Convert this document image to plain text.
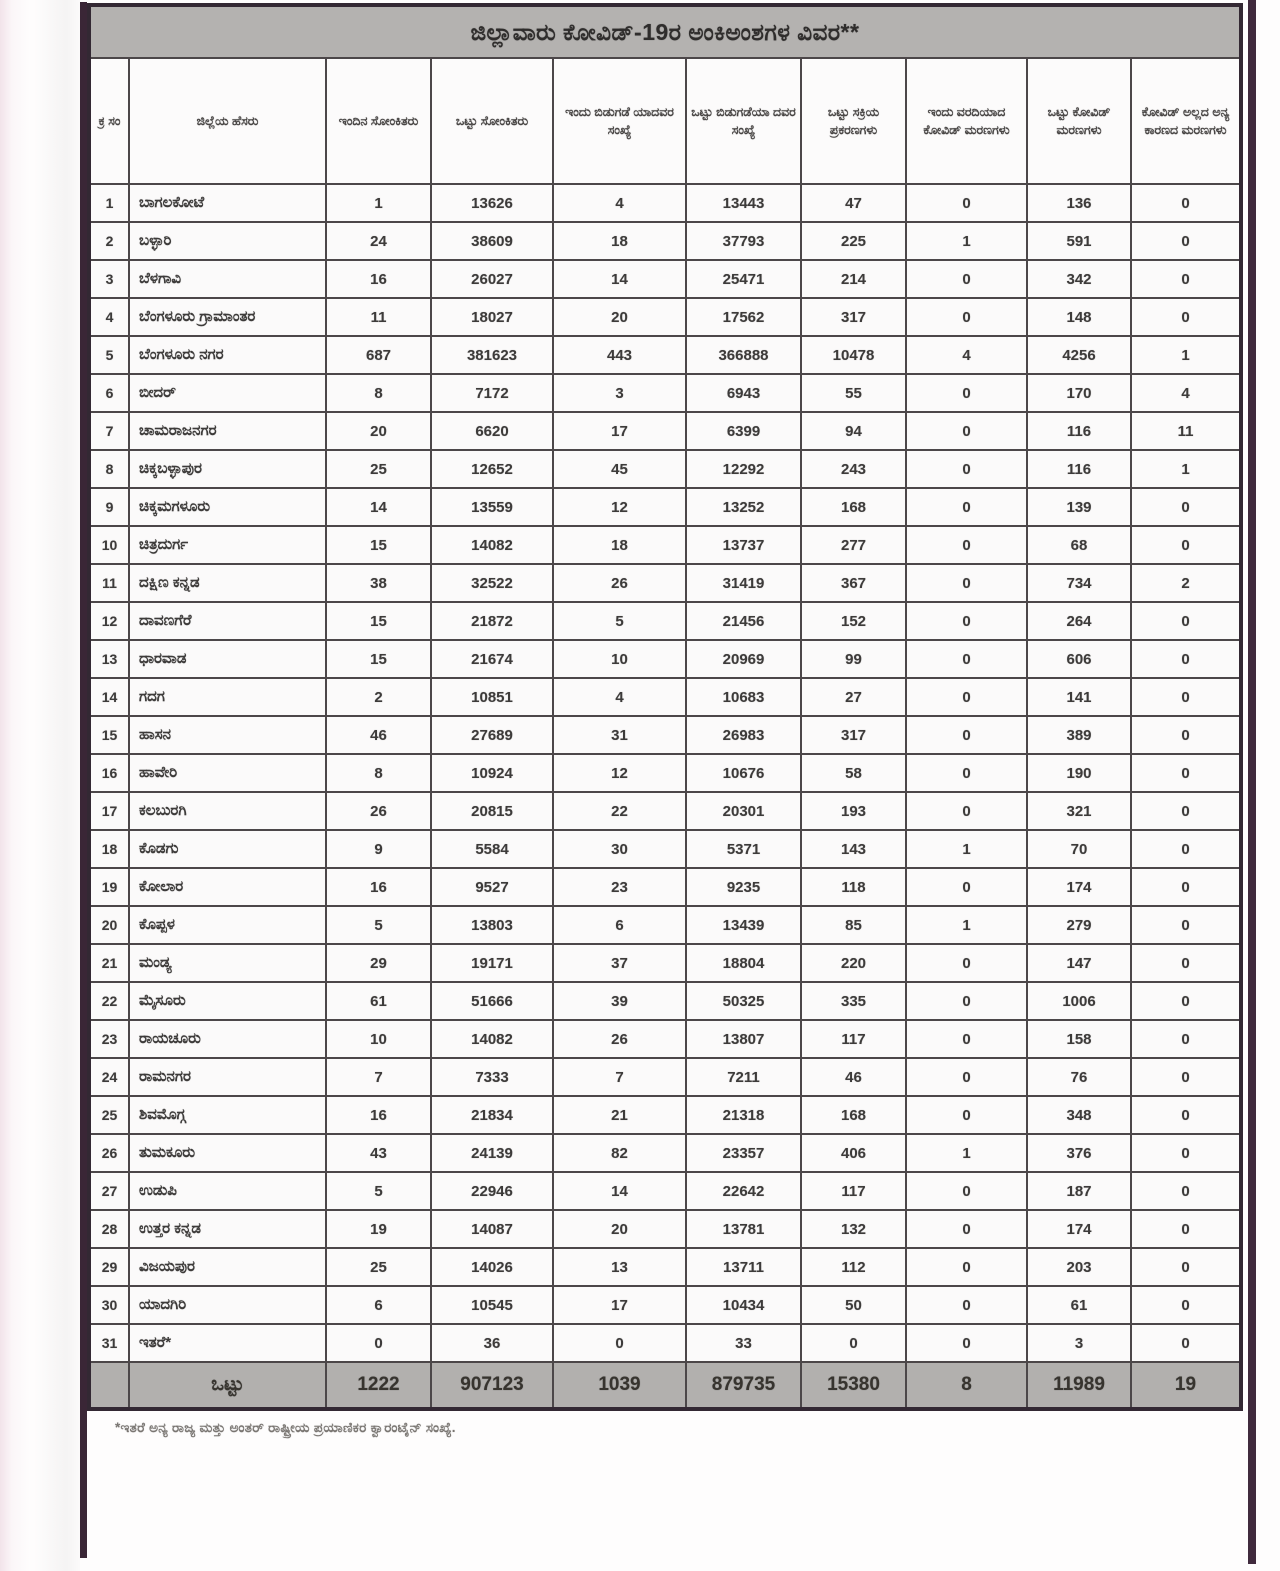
ಜಿಲ್ಲಾವಾರು ಕೋವಿಡ್-19ರ ಅಂಕಿಅಂಶಗಳ ವಿವರ**									
ಕ್ರ ಸಂ	ಜಿಲ್ಲೆಯ ಹೆಸರು	ಇಂದಿನ ಸೋಂಕಿತರು	ಒಟ್ಟು ಸೋಂಕಿತರು	ಇಂದು ಬಿಡುಗಡೆ ಯಾದವರ ಸಂಖ್ಯೆ	ಒಟ್ಟು ಬಿಡುಗಡೆಯಾ ದವರ ಸಂಖ್ಯೆ	ಒಟ್ಟು ಸಕ್ರಿಯ ಪ್ರಕರಣಗಳು	ಇಂದು ವರದಿಯಾದ ಕೋವಿಡ್ ಮರಣಗಳು	ಒಟ್ಟು ಕೋವಿಡ್ ಮರಣಗಳು	ಕೋವಿಡ್ ಅಲ್ಲದ ಅನ್ಯ ಕಾರಣದ ಮರಣಗಳು
1	ಬಾಗಲಕೋಟೆ	1	13626	4	13443	47	0	136	0
2	ಬಳ್ಳಾರಿ	24	38609	18	37793	225	1	591	0
3	ಬೆಳಗಾವಿ	16	26027	14	25471	214	0	342	0
4	ಬೆಂಗಳೂರು ಗ್ರಾಮಾಂತರ	11	18027	20	17562	317	0	148	0
5	ಬೆಂಗಳೂರು ನಗರ	687	381623	443	366888	10478	4	4256	1
6	ಬೀದರ್	8	7172	3	6943	55	0	170	4
7	ಚಾಮರಾಜನಗರ	20	6620	17	6399	94	0	116	11
8	ಚಿಕ್ಕಬಳ್ಳಾಪುರ	25	12652	45	12292	243	0	116	1
9	ಚಿಕ್ಕಮಗಳೂರು	14	13559	12	13252	168	0	139	0
10	ಚಿತ್ರದುರ್ಗ	15	14082	18	13737	277	0	68	0
11	ದಕ್ಷಿಣ ಕನ್ನಡ	38	32522	26	31419	367	0	734	2
12	ದಾವಣಗೆರೆ	15	21872	5	21456	152	0	264	0
13	ಧಾರವಾಡ	15	21674	10	20969	99	0	606	0
14	ಗದಗ	2	10851	4	10683	27	0	141	0
15	ಹಾಸನ	46	27689	31	26983	317	0	389	0
16	ಹಾವೇರಿ	8	10924	12	10676	58	0	190	0
17	ಕಲಬುರಗಿ	26	20815	22	20301	193	0	321	0
18	ಕೊಡಗು	9	5584	30	5371	143	1	70	0
19	ಕೋಲಾರ	16	9527	23	9235	118	0	174	0
20	ಕೊಪ್ಪಳ	5	13803	6	13439	85	1	279	0
21	ಮಂಡ್ಯ	29	19171	37	18804	220	0	147	0
22	ಮೈಸೂರು	61	51666	39	50325	335	0	1006	0
23	ರಾಯಚೂರು	10	14082	26	13807	117	0	158	0
24	ರಾಮನಗರ	7	7333	7	7211	46	0	76	0
25	ಶಿವಮೊಗ್ಗ	16	21834	21	21318	168	0	348	0
26	ತುಮಕೂರು	43	24139	82	23357	406	1	376	0
27	ಉಡುಪಿ	5	22946	14	22642	117	0	187	0
28	ಉತ್ತರ ಕನ್ನಡ	19	14087	20	13781	132	0	174	0
29	ವಿಜಯಪುರ	25	14026	13	13711	112	0	203	0
30	ಯಾದಗಿರಿ	6	10545	17	10434	50	0	61	0
31	ಇತರೆ*	0	36	0	33	0	0	3	0
	ಒಟ್ಟು	1222	907123	1039	879735	15380	8	11989	19
*ಇತರೆ ಅನ್ಯ ರಾಜ್ಯ ಮತ್ತು ಅಂತರ್ ರಾಷ್ಟ್ರೀಯ ಪ್ರಯಾಣಿಕರ ಕ್ವಾರಂಟೈನ್ ಸಂಖ್ಯೆ.
